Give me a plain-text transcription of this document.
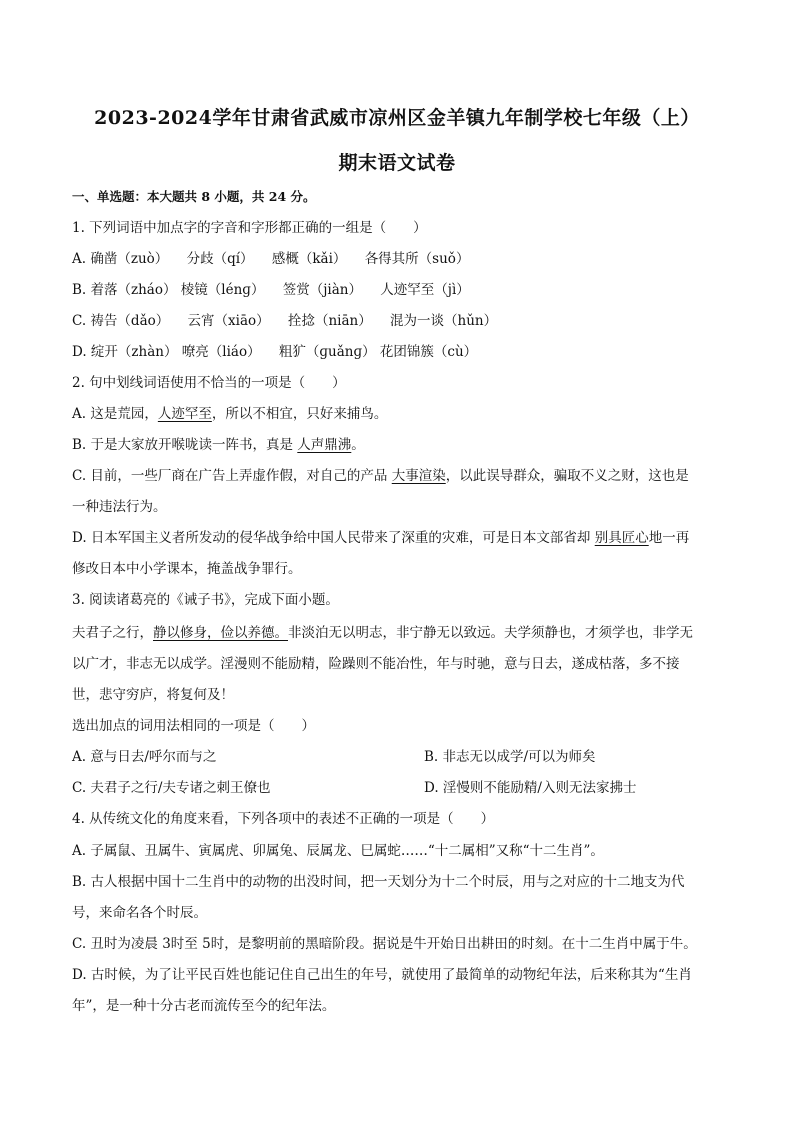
2023-2024学年甘肃省武威市凉州区金羊镇九年制学校七年级（上）
期末语文试卷
一、单选题：本大题共 8 小题，共 24 分。
1. 下列词语中加点字的字音和字形都正确的一组是（　　）
A. 确凿（zuò） 分歧（qí） 感概（kǎi） 各得其所（suǒ）
B. 着落（zháo） 棱镜（lénɡ） 签赏（jiàn） 人迹罕至（jì）
C. 祷告（dǎo） 云宵（xiāo） 拴捻（niān） 混为一谈（hǔn）
D. 绽开（zhàn） 嘹亮（liáo） 粗犷（ɡuǎnɡ） 花团锦簇（cù）
2. 句中划线词语使用不恰当的一项是（　　）
A. 这是荒园，人迹罕至，所以不相宜，只好来捕鸟。
B. 于是大家放开喉咙读一阵书，真是 人声鼎沸。
C. 目前，一些厂商在广告上弄虚作假，对自己的产品 大事渲染，以此误导群众，骗取不义之财，这也是
一种违法行为。
D. 日本军国主义者所发动的侵华战争给中国人民带来了深重的灾难，可是日本文部省却 别具匠心地一再
修改日本中小学课本，掩盖战争罪行。
3. 阅读诸葛亮的《诫子书》，完成下面小题。
夫君子之行，静以修身，俭以养德。非淡泊无以明志，非宁静无以致远。夫学须静也，才须学也，非学无
以广才，非志无以成学。淫漫则不能励精，险躁则不能冶性，年与时驰，意与日去，遂成枯落，多不接
世，悲守穷庐，将复何及！
选出加点的词用法相同的一项是（　　）
A. 意与日去/呼尔而与之	B. 非志无以成学/可以为师矣
C. 夫君子之行/夫专诸之刺王僚也	D. 淫慢则不能励精/入则无法家拂士
4. 从传统文化的角度来看，下列各项中的表述不正确的一项是（　　）
A. 子属鼠、丑属牛、寅属虎、卯属兔、辰属龙、巳属蛇……“十二属相”又称“十二生肖”。
B. 古人根据中国十二生肖中的动物的出没时间，把一天划分为十二个时辰，用与之对应的十二地支为代
号，来命名各个时辰。
C. 丑时为凌晨 3时至 5时，是黎明前的黑暗阶段。据说是牛开始日出耕田的时刻。在十二生肖中属于牛。
D. 古时候，为了让平民百姓也能记住自己出生的年号，就使用了最简单的动物纪年法，后来称其为“生肖
年”，是一种十分古老而流传至今的纪年法。
